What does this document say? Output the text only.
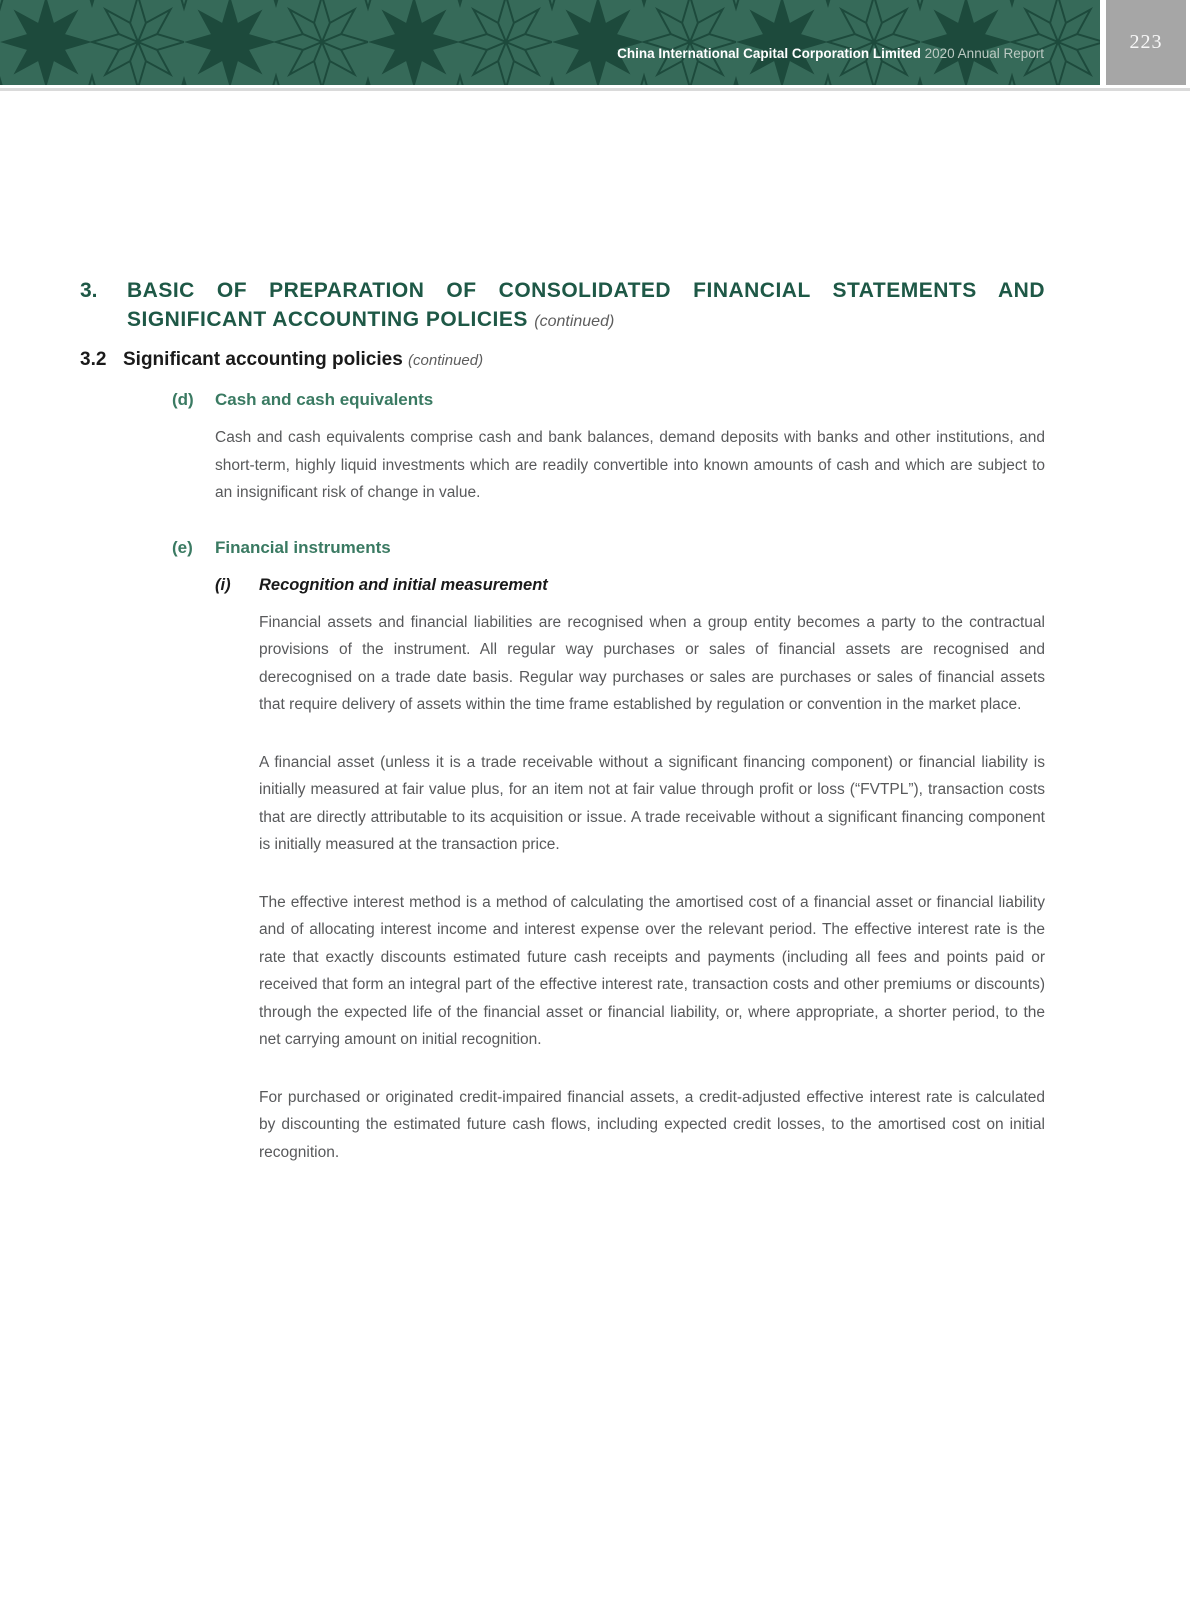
China International Capital Corporation Limited 2020 Annual Report
223
3.	BASIC OF PREPARATION OF CONSOLIDATED FINANCIAL STATEMENTS AND
SIGNIFICANT ACCOUNTING POLICIES (continued)
3.2 Significant accounting policies (continued)
(d)	Cash and cash equivalents

Cash and cash equivalents comprise cash and bank balances, demand deposits with banks and other institutions, and short-term, highly liquid investments which are readily convertible into known amounts of cash and which are subject to an insignificant risk of change in value.

(e)	Financial instruments
(i)	Recognition and initial measurement

Financial assets and financial liabilities are recognised when a group entity becomes a party to the contractual provisions of the instrument. All regular way purchases or sales of financial assets are recognised and derecognised on a trade date basis. Regular way purchases or sales are purchases or sales of financial assets that require delivery of assets within the time frame established by regulation or convention in the market place.

A financial asset (unless it is a trade receivable without a significant financing component) or financial liability is initially measured at fair value plus, for an item not at fair value through profit or loss (“FVTPL”), transaction costs that are directly attributable to its acquisition or issue. A trade receivable without a significant financing component is initially measured at the transaction price.

The effective interest method is a method of calculating the amortised cost of a financial asset or financial liability and of allocating interest income and interest expense over the relevant period. The effective interest rate is the rate that exactly discounts estimated future cash receipts and payments (including all fees and points paid or received that form an integral part of the effective interest rate, transaction costs and other premiums or discounts) through the expected life of the financial asset or financial liability, or, where appropriate, a shorter period, to the net carrying amount on initial recognition.

For purchased or originated credit-impaired financial assets, a credit-adjusted effective interest rate is calculated by discounting the estimated future cash flows, including expected credit losses, to the amortised cost on initial recognition.
